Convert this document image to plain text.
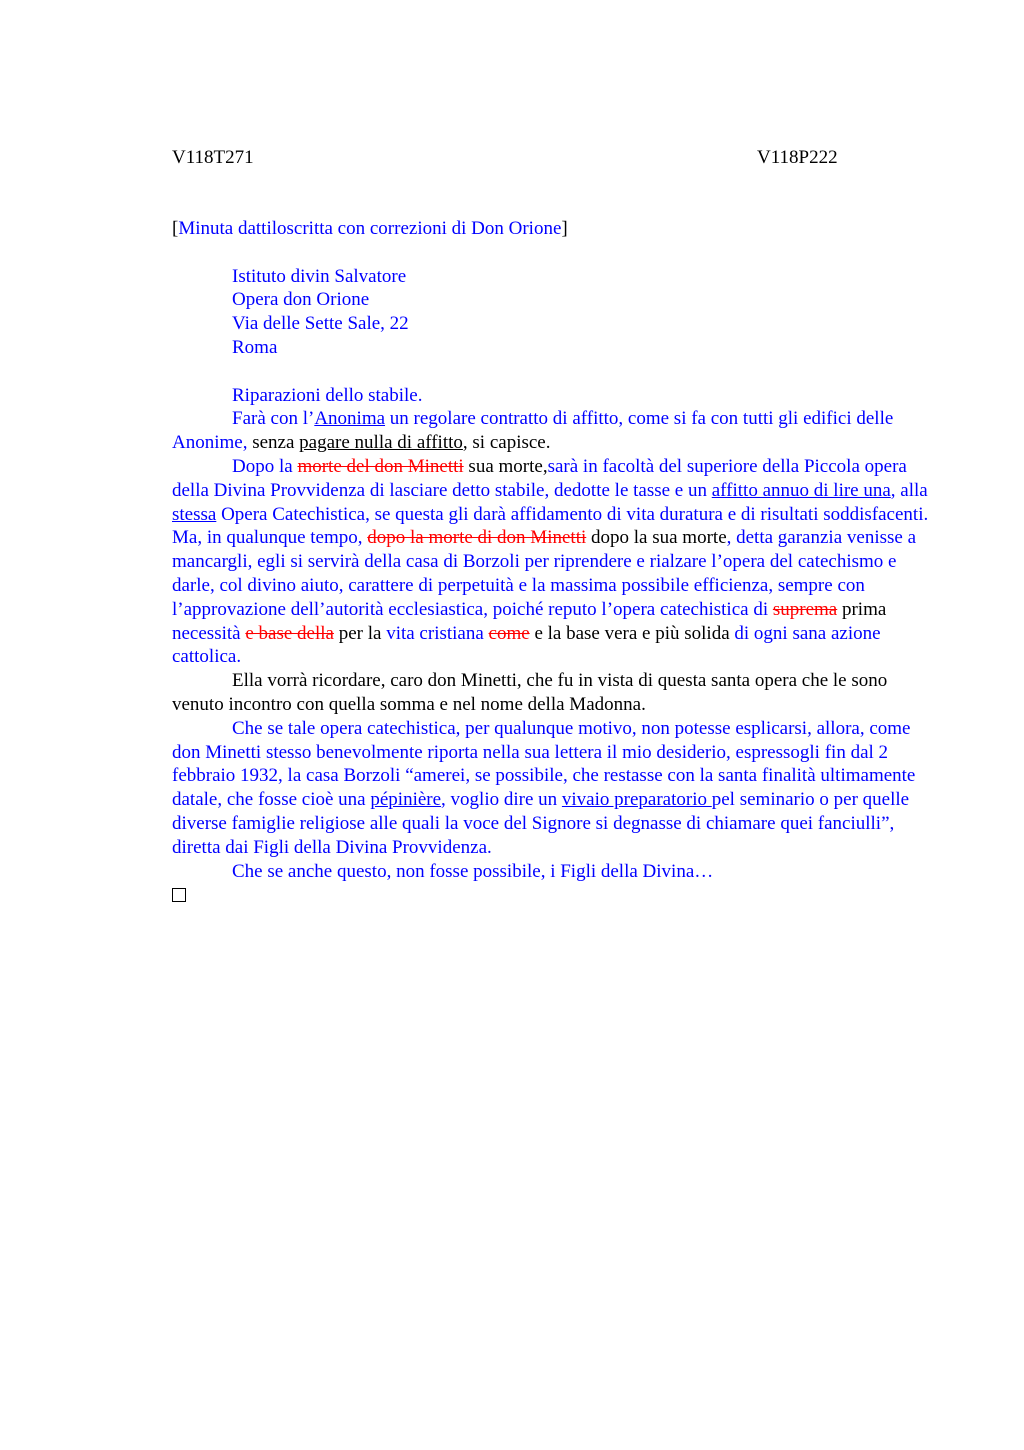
V118T271	V118P222

[Minuta dattiloscritta con correzioni di Don Orione]

Istituto divin Salvatore
Opera don Orione
Via delle Sette Sale, 22
Roma
Riparazioni dello stabile.

Farà con l’Anonima un regolare contratto di affitto, come si fa con tutti gli edifici delle Anonime, senza pagare nulla di affitto, si capisce.

Dopo la morte del don Minetti sua morte,sarà in facoltà del superiore della Piccola opera della Divina Provvidenza di lasciare detto stabile, dedotte le tasse e un affitto annuo di lire una, alla stessa Opera Catechistica, se questa gli darà affidamento di vita duratura e di risultati soddisfacenti. Ma, in qualunque tempo, dopo la morte di don Minetti dopo la sua morte, detta garanzia venisse a mancargli, egli si servirà della casa di Borzoli per riprendere e rialzare l’opera del catechismo e darle, col divino aiuto, carattere di perpetuità e la massima possibile efficienza, sempre con l’approvazione dell’autorità ecclesiastica, poiché reputo l’opera catechistica di suprema prima necessità e base della per la vita cristiana come e la base vera e più solida di ogni sana azione cattolica.

Ella vorrà ricordare, caro don Minetti, che fu in vista di questa santa opera che le sono venuto incontro con quella somma e nel nome della Madonna.

Che se tale opera catechistica, per qualunque motivo, non potesse esplicarsi, allora, come don Minetti stesso benevolmente riporta nella sua lettera il mio desiderio, espressogli fin dal 2 febbraio 1932, la casa Borzoli “amerei, se possibile, che restasse con la santa finalità ultimamente datale, che fosse cioè una pépinière, voglio dire un vivaio preparatorio pel seminario o per quelle diverse famiglie religiose alle quali la voce del Signore si degnasse di chiamare quei fanciulli”, diretta dai Figli della Divina Provvidenza.

Che se anche questo, non fosse possibile, i Figli della Divina…
